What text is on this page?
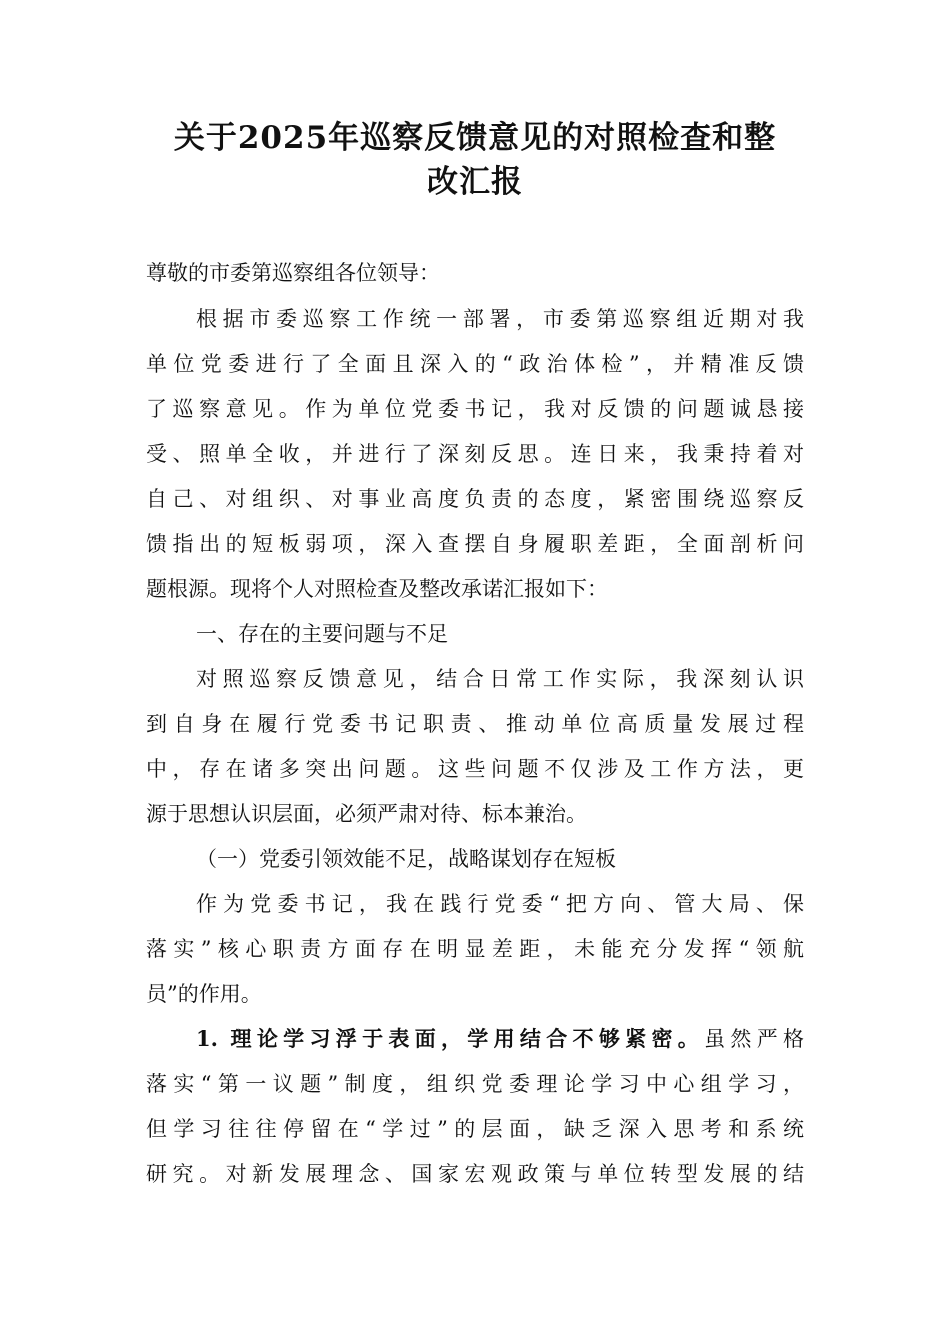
关于2025年巡察反馈意见的对照检查和整
改汇报
尊敬的市委第巡察组各位领导：
根据市委巡察工作统一部署，市委第巡察组近期对我
单位党委进行了全面且深入的“政治体检”，并精准反馈
了巡察意见。作为单位党委书记，我对反馈的问题诚恳接
受、照单全收，并进行了深刻反思。连日来，我秉持着对
自己、对组织、对事业高度负责的态度，紧密围绕巡察反
馈指出的短板弱项，深入查摆自身履职差距，全面剖析问
题根源。现将个人对照检查及整改承诺汇报如下：
一、存在的主要问题与不足
对照巡察反馈意见，结合日常工作实际，我深刻认识
到自身在履行党委书记职责、推动单位高质量发展过程
中，存在诸多突出问题。这些问题不仅涉及工作方法，更
源于思想认识层面，必须严肃对待、标本兼治。
（一）党委引领效能不足，战略谋划存在短板
作为党委书记，我在践行党委“把方向、管大局、保
落实”核心职责方面存在明显差距，未能充分发挥“领航
员”的作用。
1. 理论学习浮于表面，学用结合不够紧密。虽然严格
落实“第一议题”制度，组织党委理论学习中心组学习，
但学习往往停留在“学过”的层面，缺乏深入思考和系统
研究。对新发展理念、国家宏观政策与单位转型发展的结
